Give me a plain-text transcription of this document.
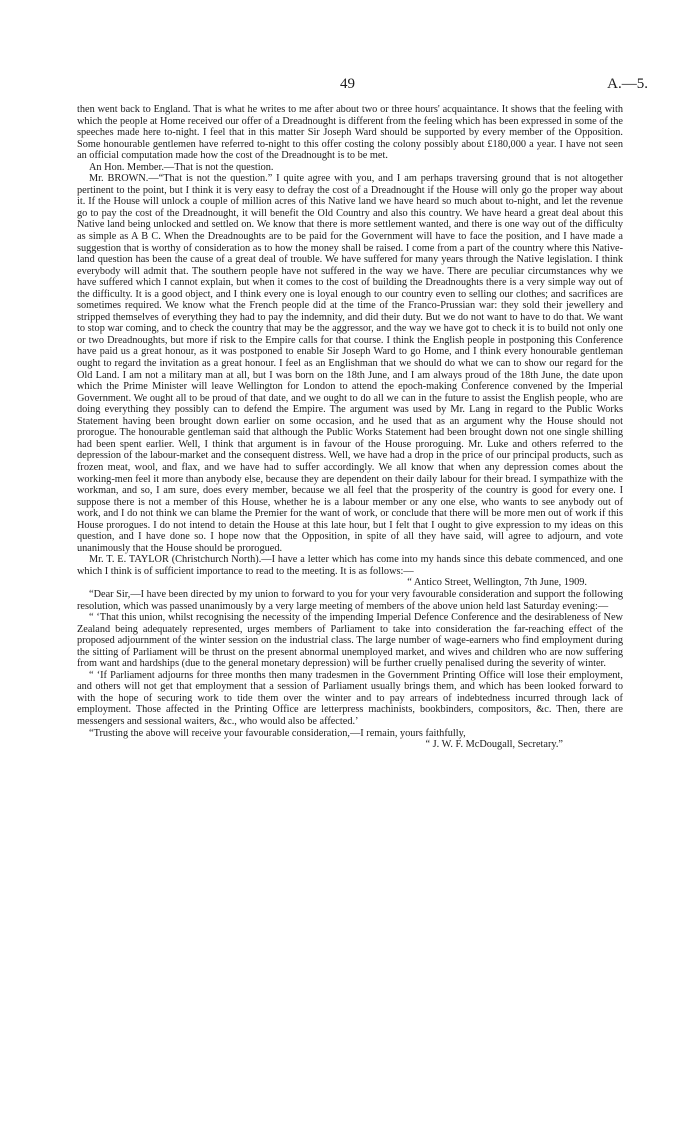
49	A.—5.

then went back to England. That is what he writes to me after about two or three hours' acquaintance. It shows that the feeling with which the people at Home received our offer of a Dreadnought is different from the feeling which has been expressed in some of the speeches made here to-night. I feel that in this matter Sir Joseph Ward should be supported by every member of the Opposition. Some honourable gentlemen have referred to-night to this offer costing the colony possibly about £180,000 a year. I have not seen an official computation made how the cost of the Dreadnought is to be met.

An Hon. Member.—That is not the question.

Mr. BROWN.—“That is not the question.” I quite agree with you, and I am perhaps traversing ground that is not altogether pertinent to the point, but I think it is very easy to defray the cost of a Dreadnought if the House will only go the proper way about it. If the House will unlock a couple of million acres of this Native land we have heard so much about to-night, and let the revenue go to pay the cost of the Dreadnought, it will benefit the Old Country and also this country. We have heard a great deal about this Native land being unlocked and settled on. We know that there is more settlement wanted, and there is one way out of the difficulty as simple as A B C. When the Dreadnoughts are to be paid for the Government will have to face the position, and I have made a suggestion that is worthy of consideration as to how the money shall be raised. I come from a part of the country where this Native-land question has been the cause of a great deal of trouble. We have suffered for many years through the Native legislation. I think everybody will admit that. The southern people have not suffered in the way we have. There are peculiar circumstances why we have suffered which I cannot explain, but when it comes to the cost of building the Dreadnoughts there is a very simple way out of the difficulty. It is a good object, and I think every one is loyal enough to our country even to selling our clothes; and sacrifices are sometimes required. We know what the French people did at the time of the Franco-Prussian war: they sold their jewellery and stripped themselves of everything they had to pay the indemnity, and did their duty. But we do not want to have to do that. We want to stop war coming, and to check the country that may be the aggressor, and the way we have got to check it is to build not only one or two Dreadnoughts, but more if risk to the Empire calls for that course. I think the English people in postponing this Conference have paid us a great honour, as it was postponed to enable Sir Joseph Ward to go Home, and I think every honourable gentleman ought to regard the invitation as a great honour. I feel as an Englishman that we should do what we can to show our regard for the Old Land. I am not a military man at all, but I was born on the 18th June, and I am always proud of the 18th June, the date upon which the Prime Minister will leave Wellington for London to attend the epoch-making Conference convened by the Imperial Government. We ought all to be proud of that date, and we ought to do all we can in the future to assist the English people, who are doing everything they possibly can to defend the Empire. The argument was used by Mr. Lang in regard to the Public Works Statement having been brought down earlier on some occasion, and he used that as an argument why the House should not prorogue. The honourable gentleman said that although the Public Works Statement had been brought down not one single shilling had been spent earlier. Well, I think that argument is in favour of the House proroguing. Mr. Luke and others referred to the depression of the labour-market and the consequent distress. Well, we have had a drop in the price of our principal products, such as frozen meat, wool, and flax, and we have had to suffer accordingly. We all know that when any depression comes about the working-men feel it more than anybody else, because they are dependent on their daily labour for their bread. I sympathize with the workman, and so, I am sure, does every member, because we all feel that the prosperity of the country is good for every one. I suppose there is not a member of this House, whether he is a labour member or any one else, who wants to see anybody out of work, and I do not think we can blame the Premier for the want of work, or conclude that there will be more men out of work if this House prorogues. I do not intend to detain the House at this late hour, but I felt that I ought to give expression to my ideas on this question, and I have done so. I hope now that the Opposition, in spite of all they have said, will agree to adjourn, and vote unanimously that the House should be prorogued.

Mr. T. E. TAYLOR (Christchurch North).—I have a letter which has come into my hands since this debate commenced, and one which I think is of sufficient importance to read to the meeting. It is as follows:—

“ Antico Street, Wellington, 7th June, 1909.

“Dear Sir,—I have been directed by my union to forward to you for your very favourable consideration and support the following resolution, which was passed unanimously by a very large meeting of members of the above union held last Saturday evening:—

“ ‘That this union, whilst recognising the necessity of the impending Imperial Defence Conference and the desirableness of New Zealand being adequately represented, urges members of Parliament to take into consideration the far-reaching effect of the proposed adjournment of the winter session on the industrial class. The large number of wage-earners who find employment during the sitting of Parliament will be thrust on the present abnormal unemployed market, and wives and children who are now suffering from want and hardships (due to the general monetary depression) will be further cruelly penalised during the severity of winter.

“ ‘If Parliament adjourns for three months then many tradesmen in the Government Printing Office will lose their employment, and others will not get that employment that a session of Parliament usually brings them, and which has been looked forward to with the hope of securing work to tide them over the winter and to pay arrears of indebtedness incurred through lack of employment. Those affected in the Printing Office are letterpress machinists, bookbinders, compositors, &c. Then, there are messengers and sessional waiters, &c., who would also be affected.’

“Trusting the above will receive your favourable consideration,—I remain, yours faithfully,

“ J. W. F. McDougall, Secretary.”
